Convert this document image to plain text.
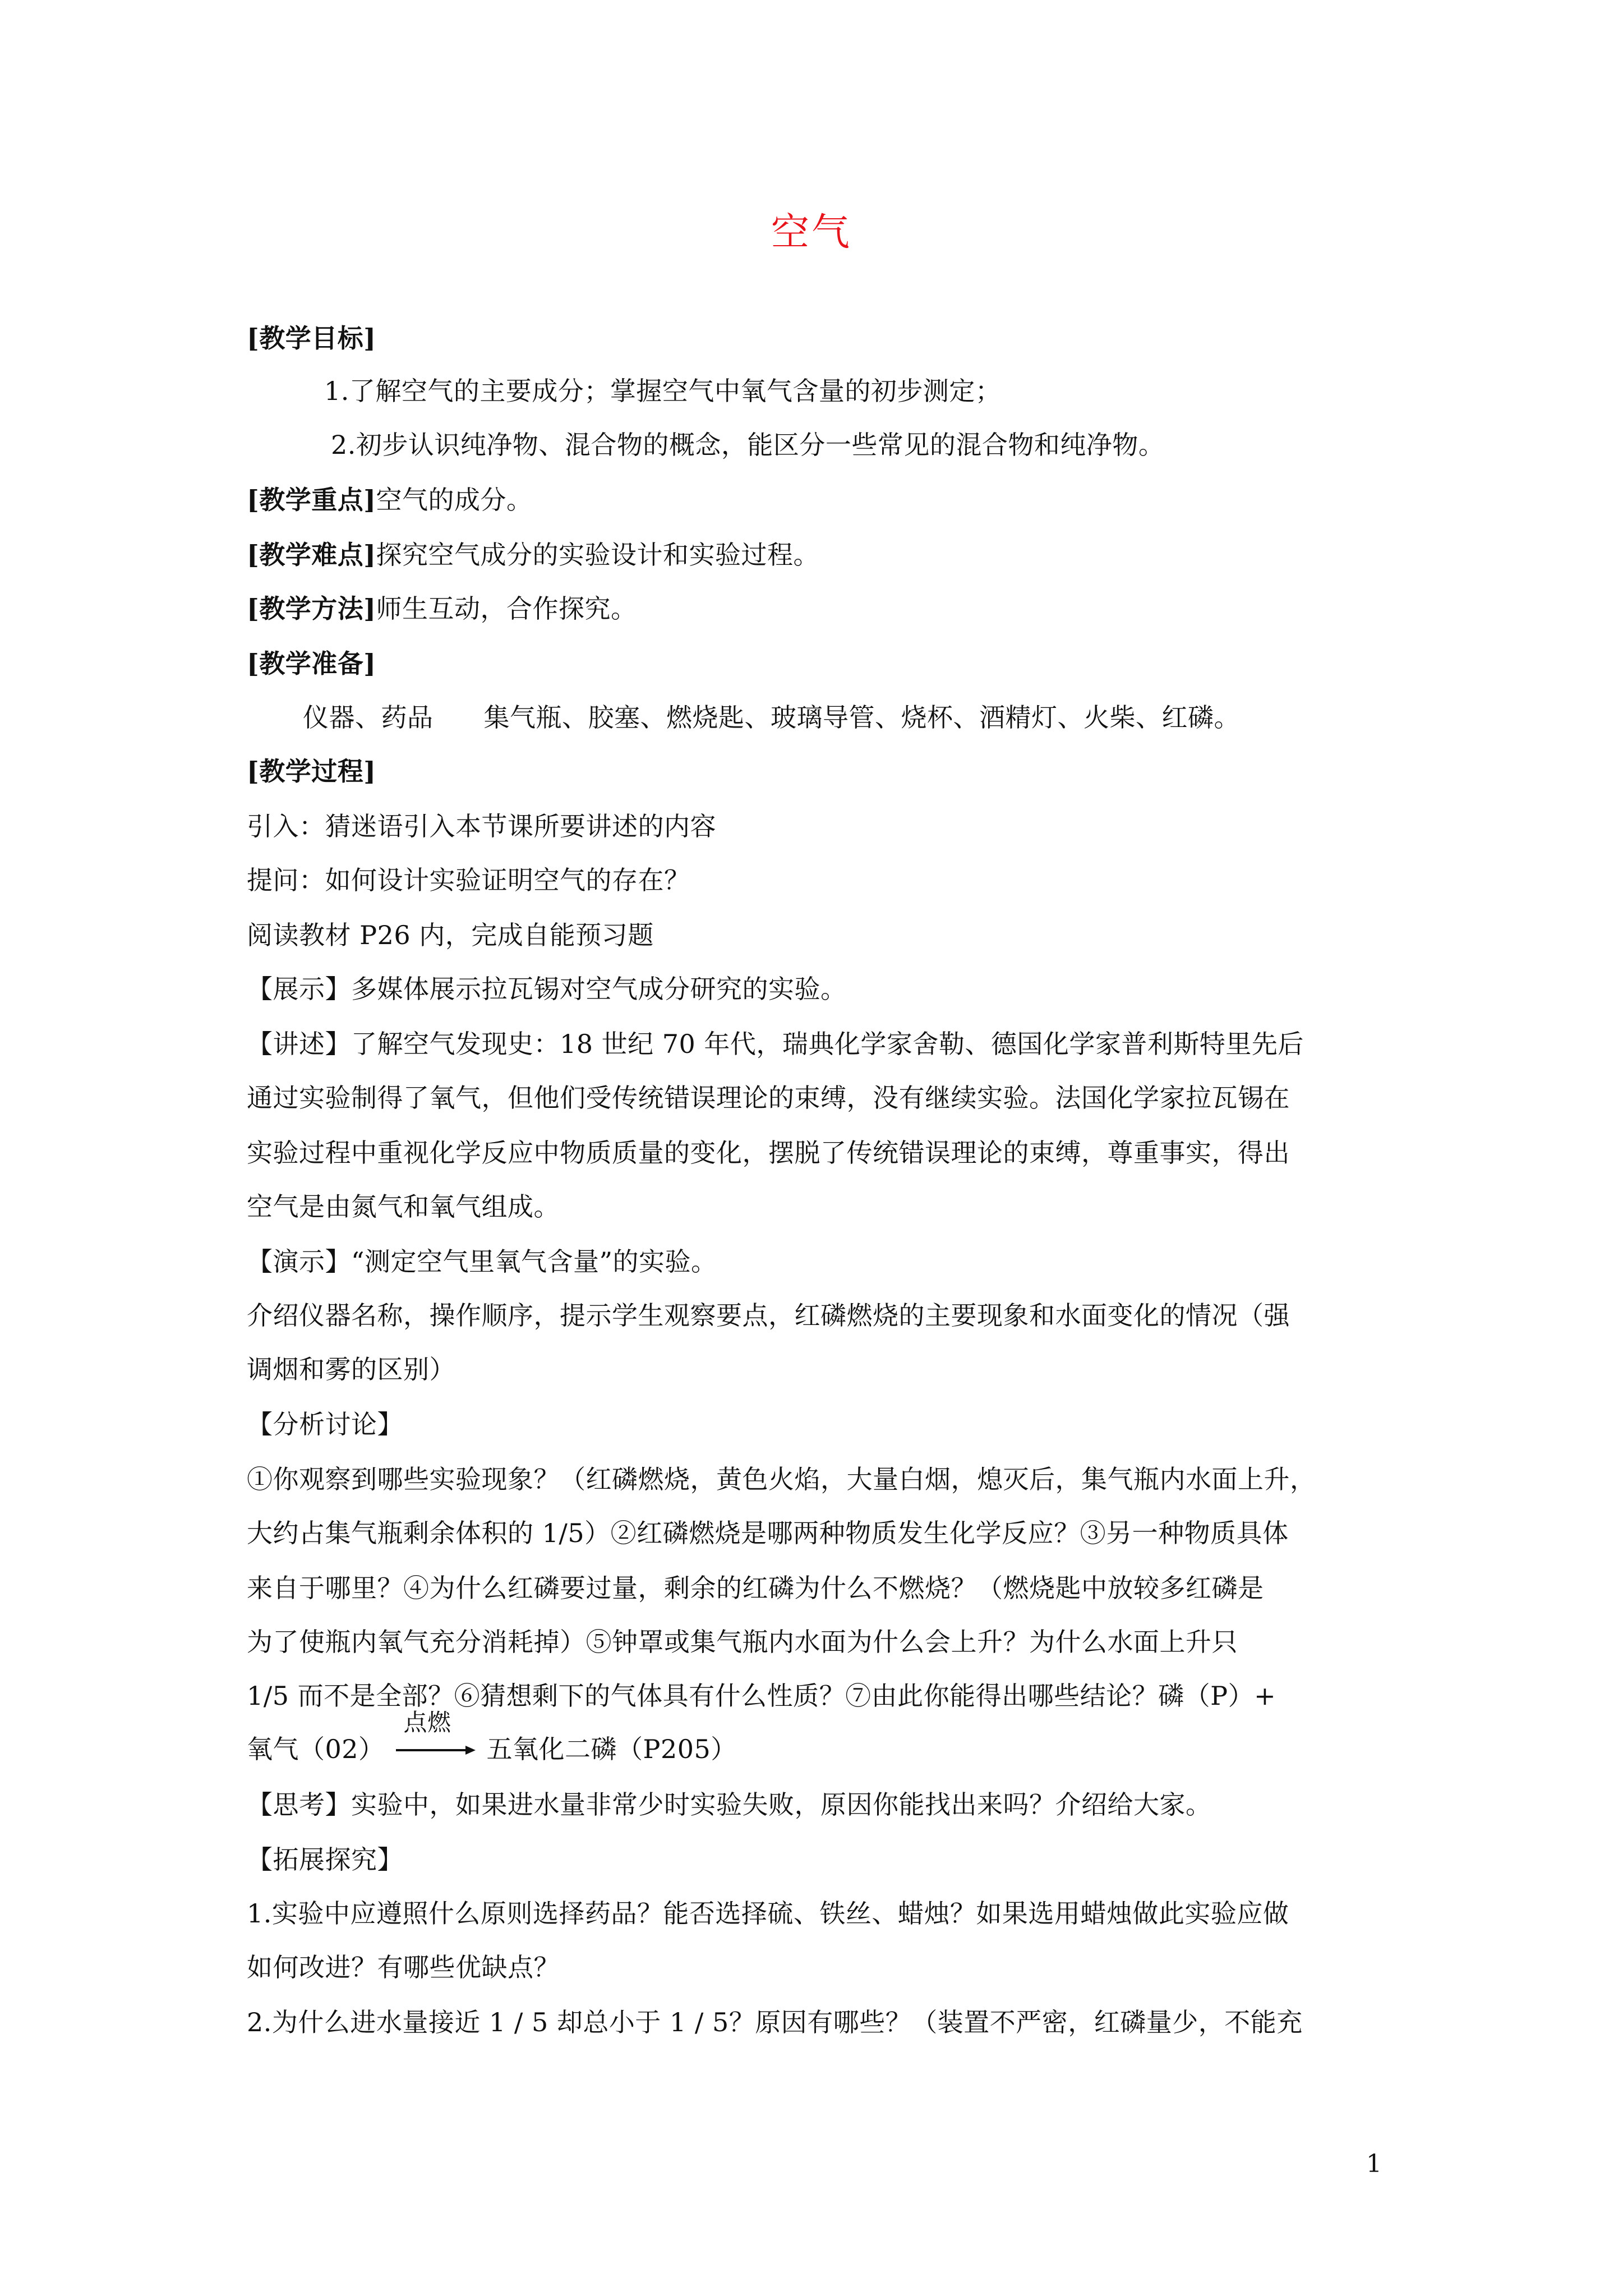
空气
[教学目标]
1.了解空气的主要成分；掌握空气中氧气含量的初步测定；
2.初步认识纯净物、混合物的概念，能区分一些常见的混合物和纯净物。
[教学重点]空气的成分。
[教学难点]探究空气成分的实验设计和实验过程。
[教学方法]师生互动，合作探究。
[教学准备]
仪器、药品 集气瓶、胶塞、燃烧匙、玻璃导管、烧杯、酒精灯、火柴、红磷。
[教学过程]
引入：猜迷语引入本节课所要讲述的内容
提问：如何设计实验证明空气的存在？
阅读教材 P26 内，完成自能预习题
【展示】多媒体展示拉瓦锡对空气成分研究的实验。
【讲述】了解空气发现史：18 世纪 70 年代，瑞典化学家舍勒、德国化学家普利斯特里先后
通过实验制得了氧气，但他们受传统错误理论的束缚，没有继续实验。法国化学家拉瓦锡在
实验过程中重视化学反应中物质质量的变化，摆脱了传统错误理论的束缚，尊重事实，得出
空气是由氮气和氧气组成。
【演示】“测定空气里氧气含量”的实验。
介绍仪器名称，操作顺序，提示学生观察要点，红磷燃烧的主要现象和水面变化的情况（强
调烟和雾的区别）
【分析讨论】
①你观察到哪些实验现象？（红磷燃烧，黄色火焰，大量白烟，熄灭后，集气瓶内水面上升，
大约占集气瓶剩余体积的 1/5）②红磷燃烧是哪两种物质发生化学反应？③另一种物质具体
来自于哪里？④为什么红磷要过量，剩余的红磷为什么不燃烧？（燃烧匙中放较多红磷是
为了使瓶内氧气充分消耗掉）⑤钟罩或集气瓶内水面为什么会上升？为什么水面上升只
1/5 而不是全部？⑥猜想剩下的气体具有什么性质？⑦由此你能得出哪些结论？磷（P）+
氧气（02）
点燃
五氧化二磷（P205）
【思考】实验中，如果进水量非常少时实验失败，原因你能找出来吗？介绍给大家。
【拓展探究】
1.实验中应遵照什么原则选择药品？能否选择硫、铁丝、蜡烛？如果选用蜡烛做此实验应做
如何改进？有哪些优缺点？
2.为什么进水量接近 1 / 5 却总小于 1 / 5？原因有哪些？（装置不严密，红磷量少，不能充
1
